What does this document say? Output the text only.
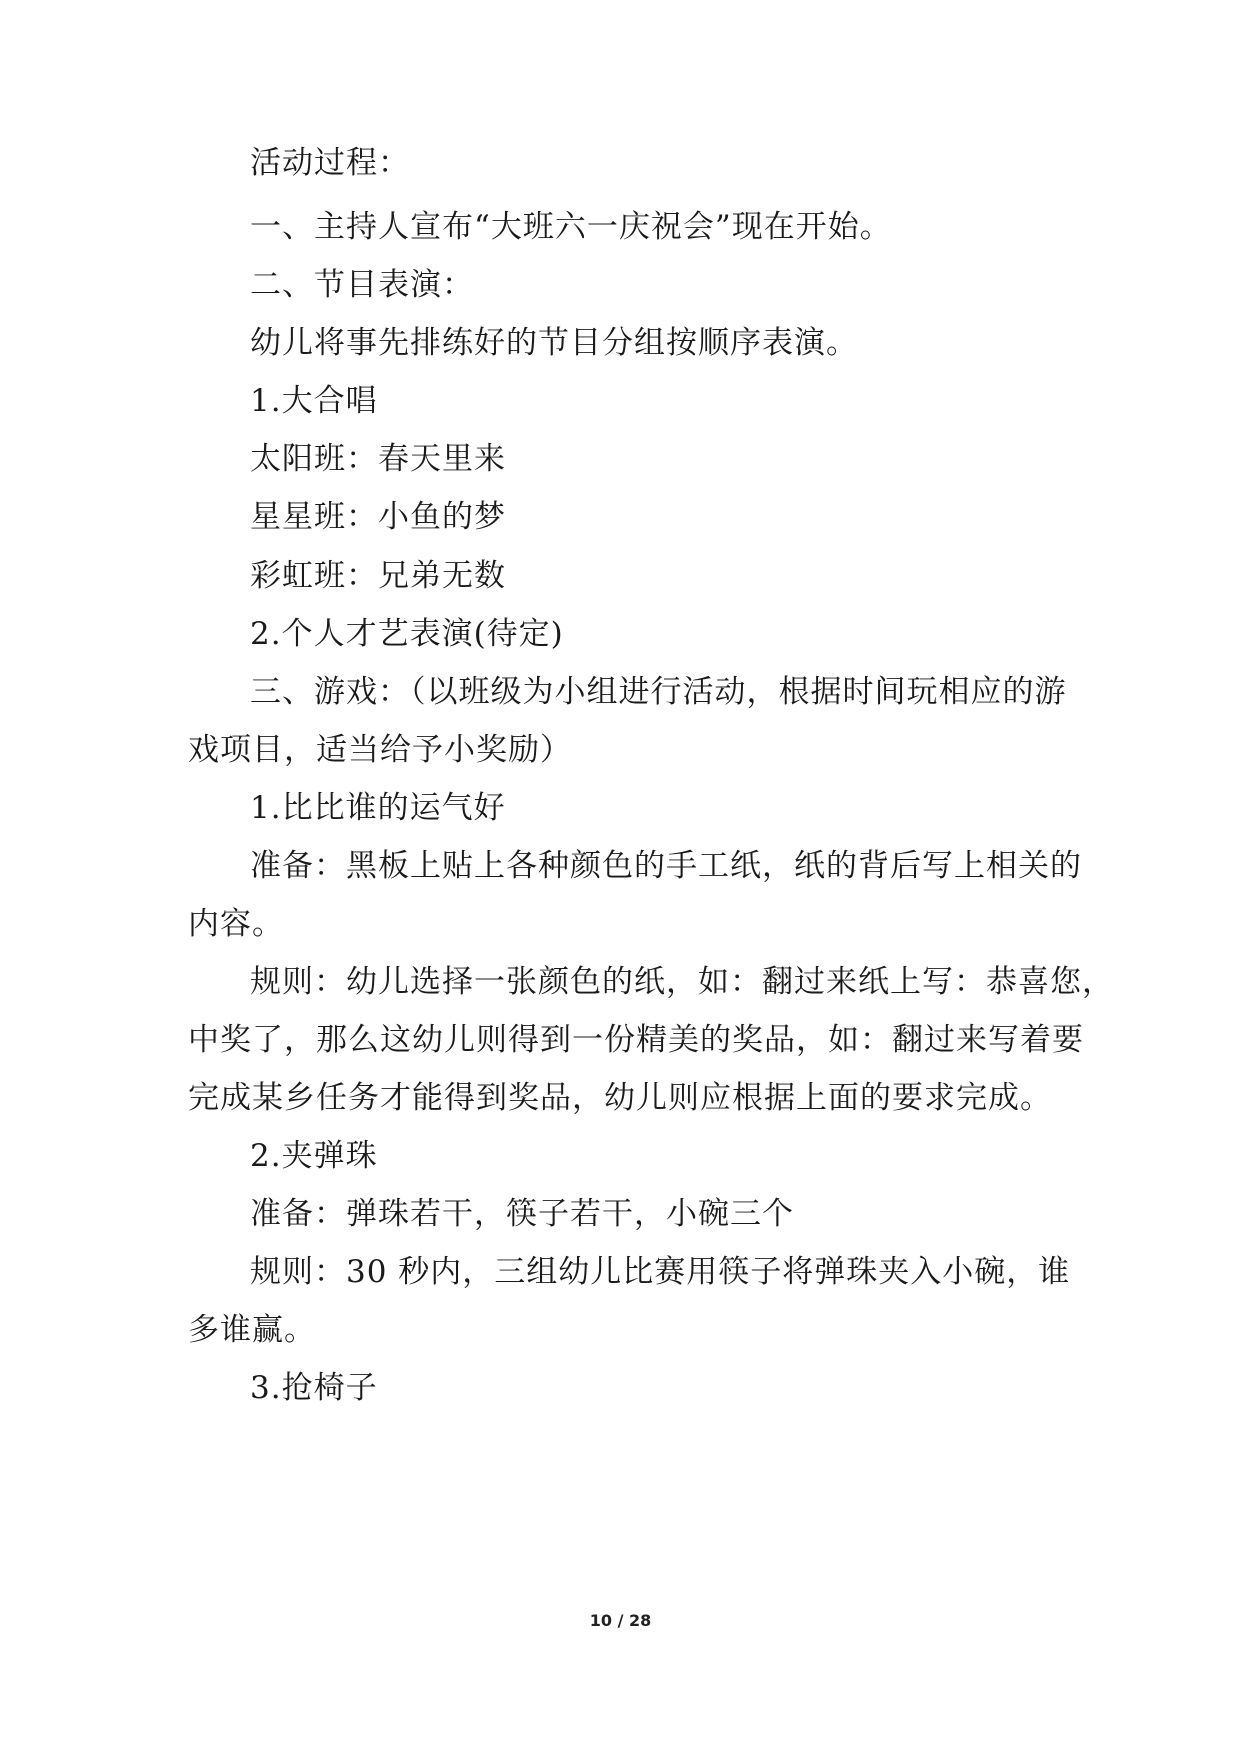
活动过程：
一、主持人宣布“大班六一庆祝会”现在开始。
二、节目表演：
幼儿将事先排练好的节目分组按顺序表演。
1.大合唱
太阳班：春天里来
星星班：小鱼的梦
彩虹班：兄弟无数
2.个人才艺表演(待定)
三、游戏：（以班级为小组进行活动，根据时间玩相应的游
戏项目，适当给予小奖励）
1.比比谁的运气好
准备：黑板上贴上各种颜色的手工纸，纸的背后写上相关的
内容。
规则：幼儿选择一张颜色的纸，如：翻过来纸上写：恭喜您，
中奖了，那么这幼儿则得到一份精美的奖品，如：翻过来写着要
完成某乡任务才能得到奖品，幼儿则应根据上面的要求完成。
2.夹弹珠
准备：弹珠若干，筷子若干，小碗三个
规则：30 秒内，三组幼儿比赛用筷子将弹珠夹入小碗，谁
多谁赢。
3.抢椅子
10 / 28
